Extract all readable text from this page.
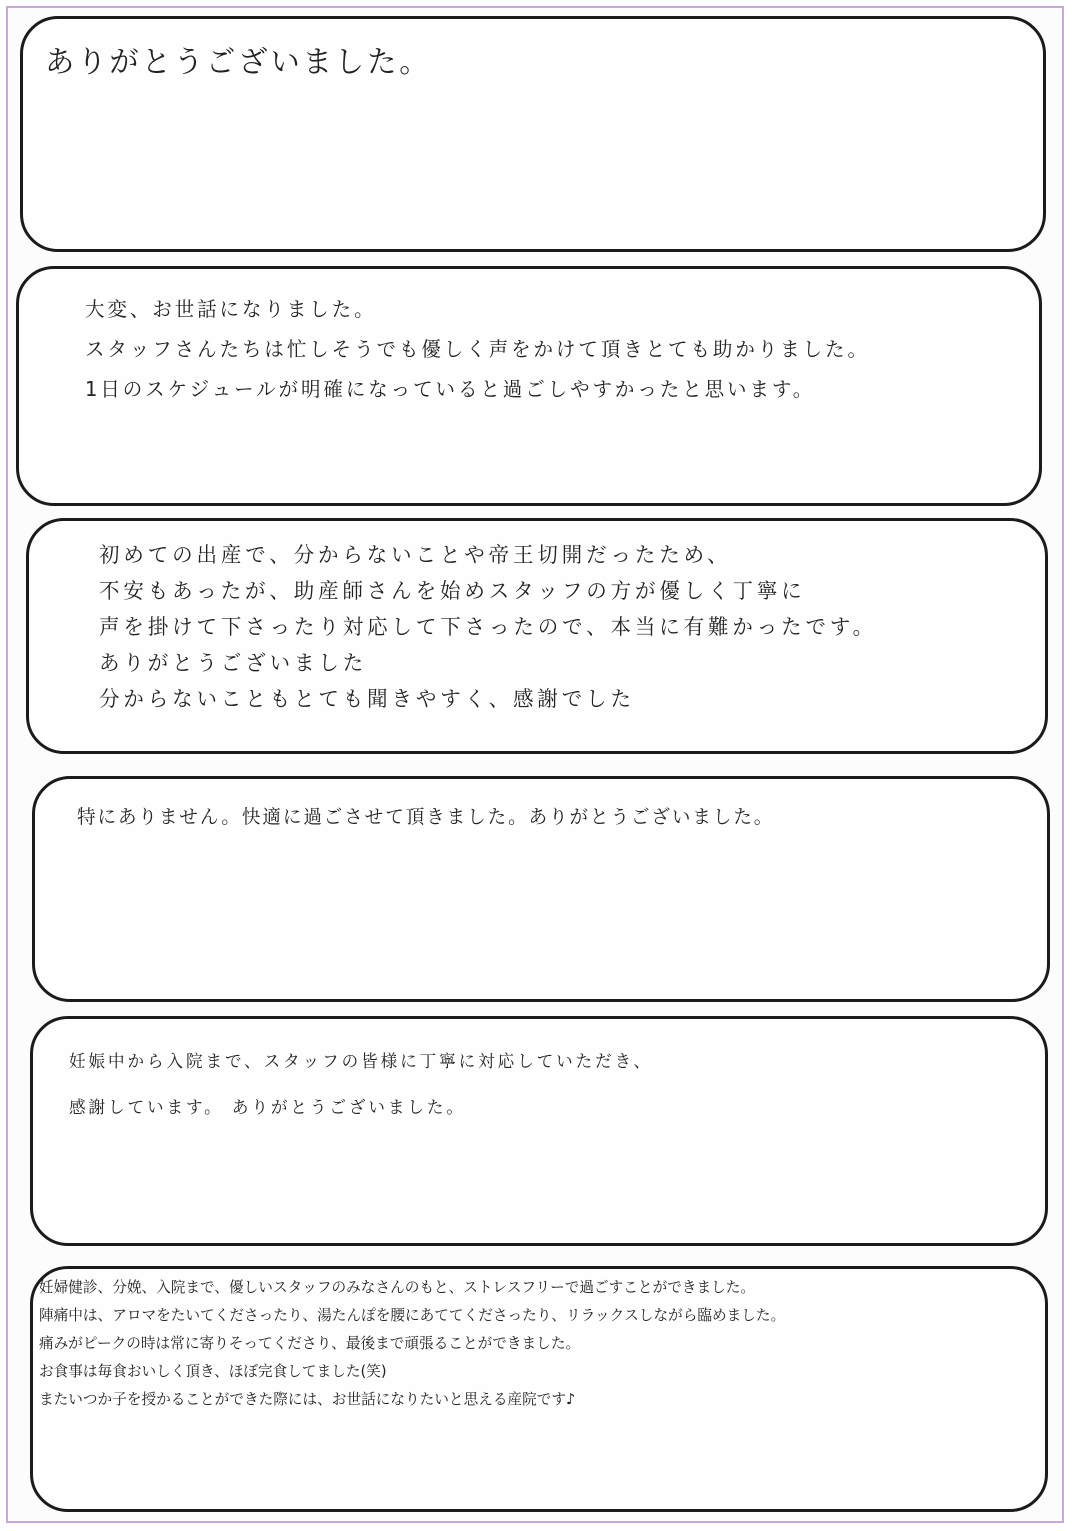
ありがとうございました。
大変、お世話になりました。
スタッフさんたちは忙しそうでも優しく声をかけて頂きとても助かりました。
1日のスケジュールが明確になっていると過ごしやすかったと思います。
初めての出産で、分からないことや帝王切開だったため、
不安もあったが、助産師さんを始めスタッフの方が優しく丁寧に
声を掛けて下さったり対応して下さったので、本当に有難かったです。
ありがとうございました
分からないこともとても聞きやすく、感謝でした
特にありません。快適に過ごさせて頂きました。ありがとうございました。
妊娠中から入院まで、スタッフの皆様に丁寧に対応していただき、
感謝しています。 ありがとうございました。
妊婦健診、分娩、入院まで、優しいスタッフのみなさんのもと、ストレスフリーで過ごすことができました。
陣痛中は、アロマをたいてくださったり、湯たんぽを腰にあててくださったり、リラックスしながら臨めました。
痛みがピークの時は常に寄りそってくださり、最後まで頑張ることができました。
お食事は毎食おいしく頂き、ほぼ完食してました(笑)
またいつか子を授かることができた際には、お世話になりたいと思える産院です♪
